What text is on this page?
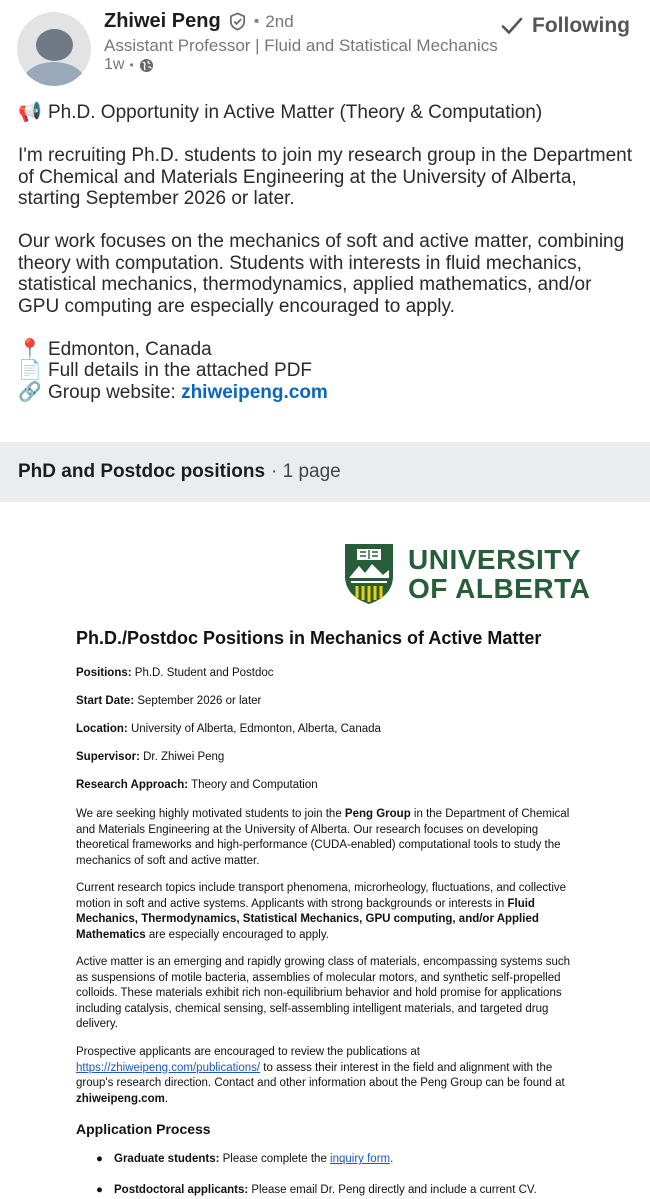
Zhiwei Peng • 2nd
Assistant Professor | Fluid and Statistical Mechanics
1w •
Following

📢 Ph.D. Opportunity in Active Matter (Theory & Computation)

I'm recruiting Ph.D. students to join my research group in the Department of Chemical and Materials Engineering at the University of Alberta, starting September 2026 or later.

Our work focuses on the mechanics of soft and active matter, combining theory with computation. Students with interests in fluid mechanics, statistical mechanics, thermodynamics, applied mathematics, and/or GPU computing are especially encouraged to apply.

📍 Edmonton, Canada

📄 Full details in the attached PDF

🔗 Group website: zhiweipeng.com

PhD and Postdoc positions · 1 page
UNIVERSITY
OF ALBERTA
Ph.D./Postdoc Positions in Mechanics of Active Matter
Positions: Ph.D. Student and Postdoc
Start Date: September 2026 or later
Location: University of Alberta, Edmonton, Alberta, Canada
Supervisor: Dr. Zhiwei Peng
Research Approach: Theory and Computation
We are seeking highly motivated students to join the Peng Group in the Department of Chemical and Materials Engineering at the University of Alberta. Our research focuses on developing theoretical frameworks and high-performance (CUDA-enabled) computational tools to study the mechanics of soft and active matter.
Current research topics include transport phenomena, microrheology, fluctuations, and collective motion in soft and active systems. Applicants with strong backgrounds or interests in Fluid Mechanics, Thermodynamics, Statistical Mechanics, GPU computing, and/or Applied Mathematics are especially encouraged to apply.
Active matter is an emerging and rapidly growing class of materials, encompassing systems such as suspensions of motile bacteria, assemblies of molecular motors, and synthetic self-propelled colloids. These materials exhibit rich non-equilibrium behavior and hold promise for applications including catalysis, chemical sensing, self-assembling intelligent materials, and targeted drug delivery.
Prospective applicants are encouraged to review the publications at https://zhiweipeng.com/publications/ to assess their interest in the field and alignment with the group's research direction. Contact and other information about the Peng Group can be found at zhiweipeng.com.
Application Process
● Graduate students: Please complete the inquiry form.
● Postdoctoral applicants: Please email Dr. Peng directly and include a current CV.
